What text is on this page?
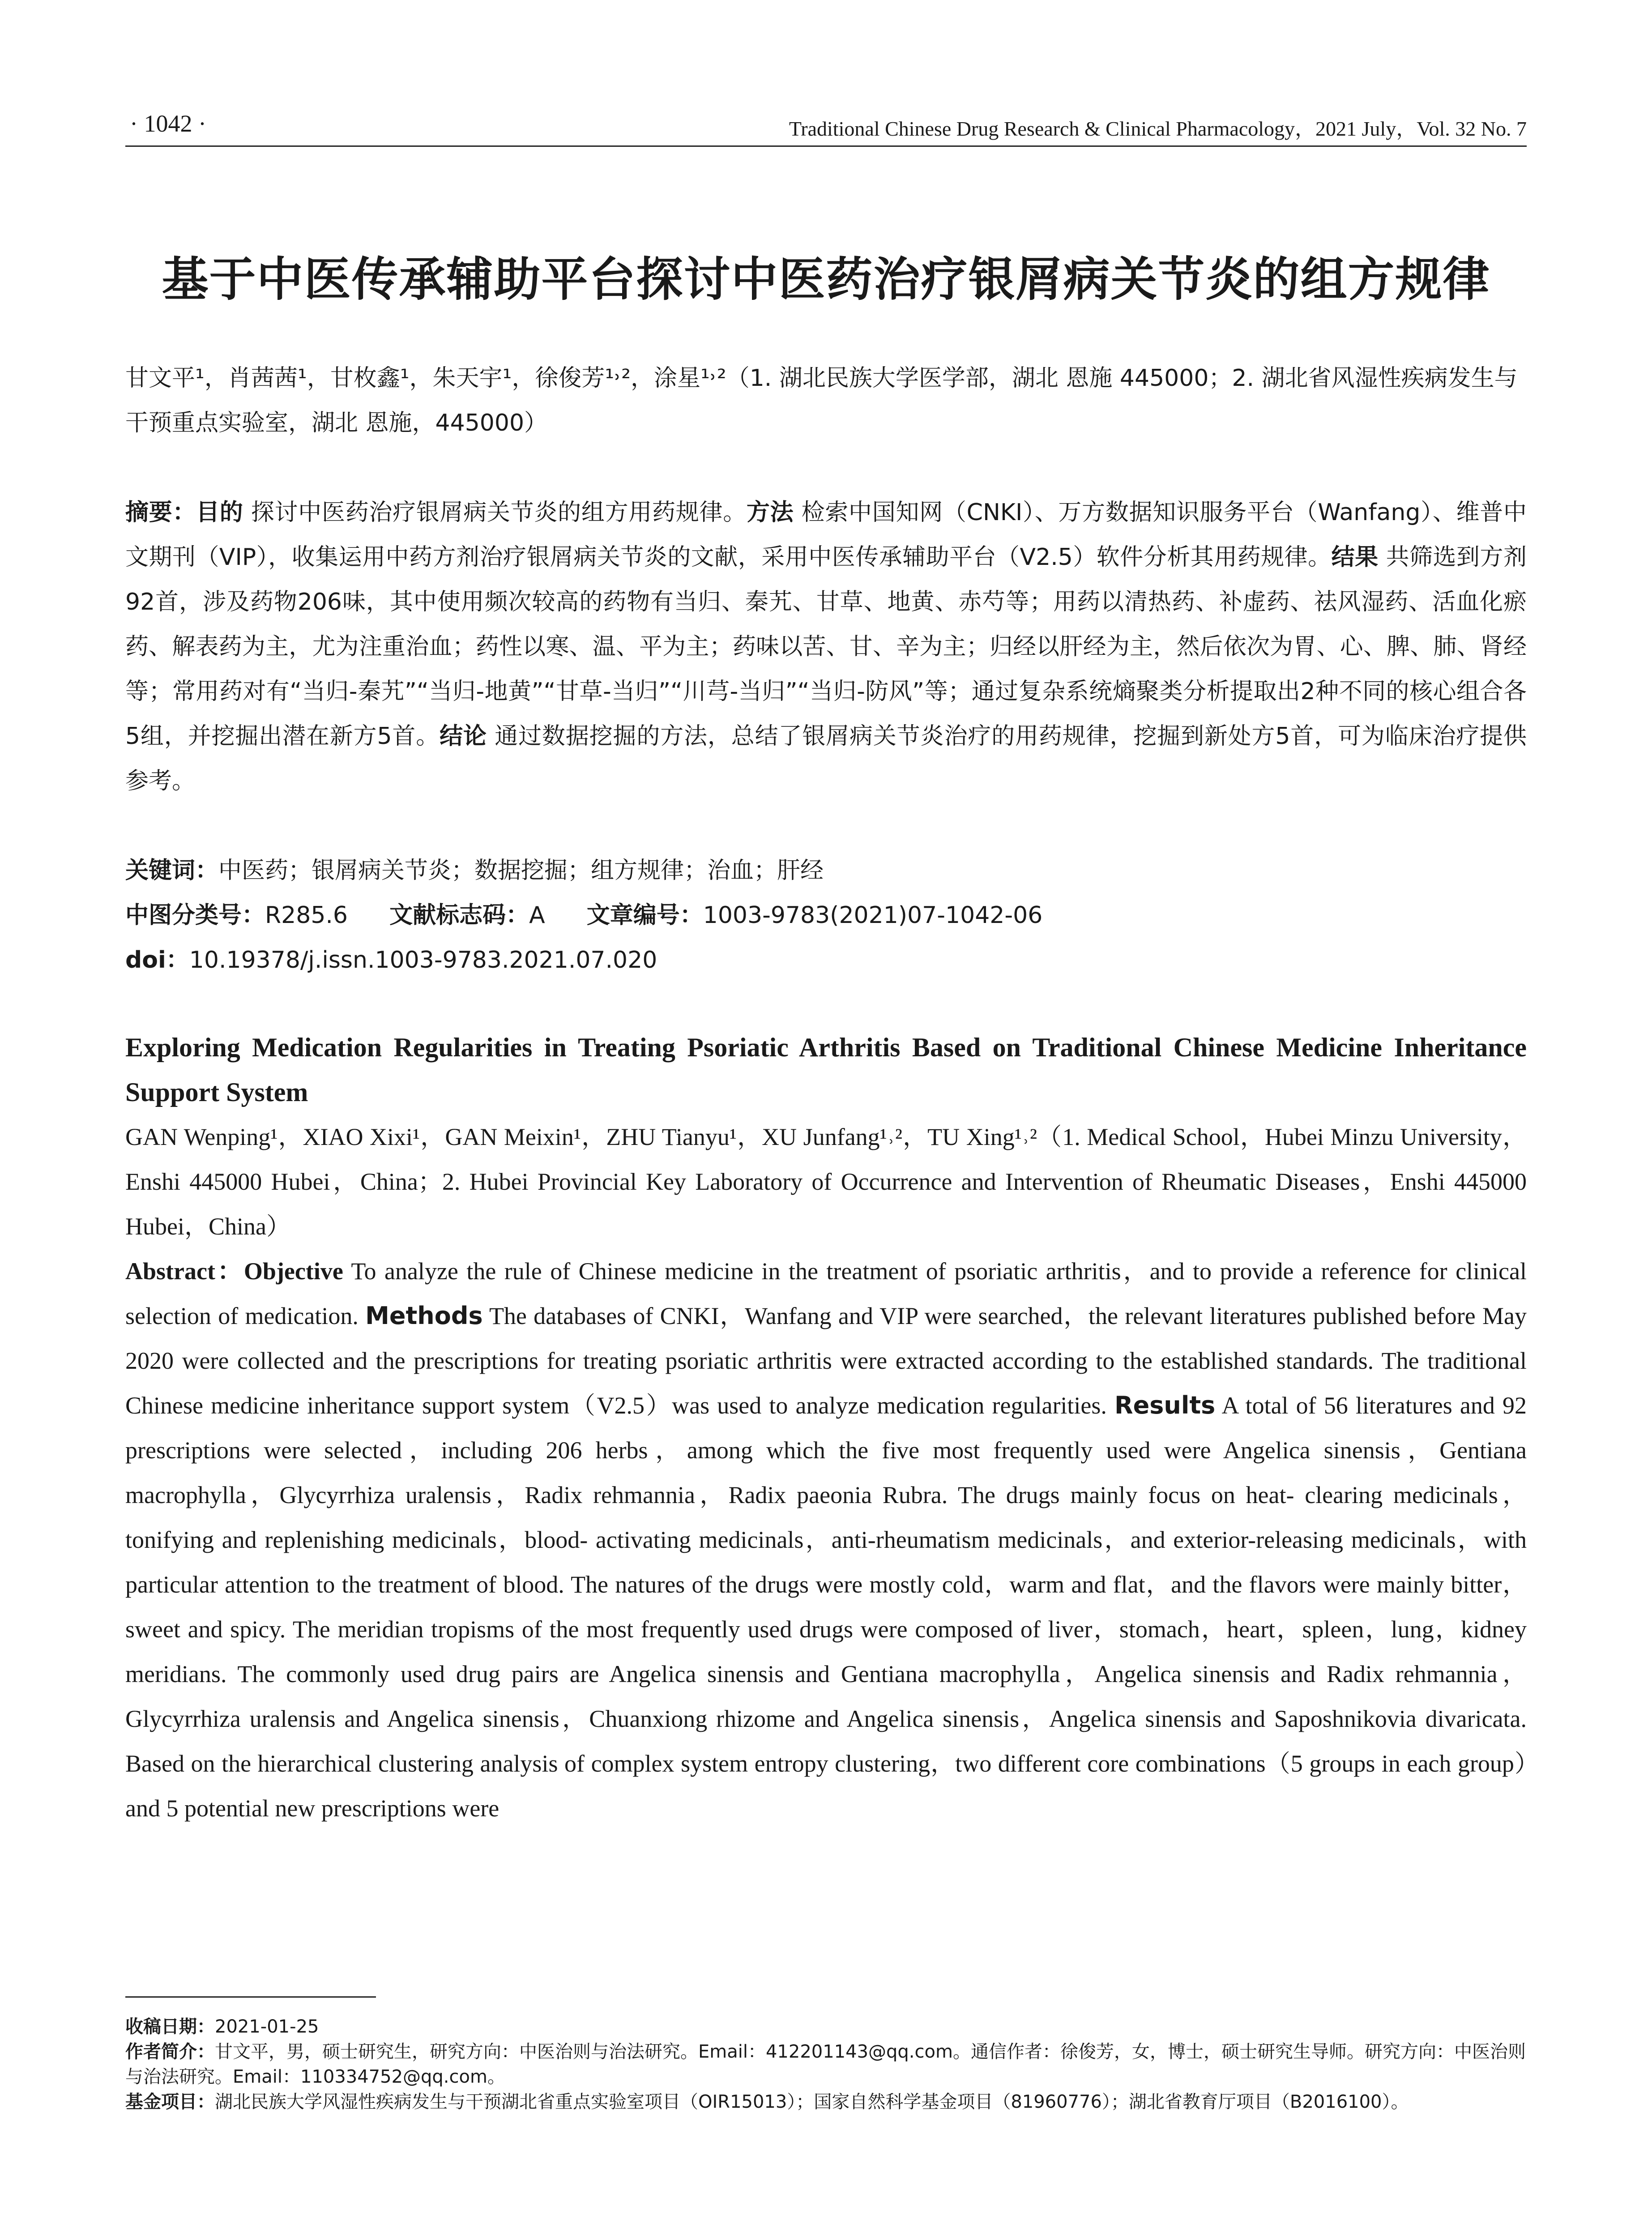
· 1042 ·	Traditional Chinese Drug Research & Clinical Pharmacology，2021 July，Vol. 32 No. 7
基于中医传承辅助平台探讨中医药治疗银屑病关节炎的组方规律
甘文平¹，肖茜茜¹，甘枚鑫¹，朱天宇¹，徐俊芳¹˒²，涂星¹˒²（1. 湖北民族大学医学部，湖北 恩施 445000；2. 湖北省风湿性疾病发生与干预重点实验室，湖北 恩施，445000）
摘要：目的 探讨中医药治疗银屑病关节炎的组方用药规律。方法 检索中国知网（CNKI）、万方数据知识服务平台（Wanfang）、维普中文期刊（VIP），收集运用中药方剂治疗银屑病关节炎的文献，采用中医传承辅助平台（V2.5）软件分析其用药规律。结果 共筛选到方剂92首，涉及药物206味，其中使用频次较高的药物有当归、秦艽、甘草、地黄、赤芍等；用药以清热药、补虚药、祛风湿药、活血化瘀药、解表药为主，尤为注重治血；药性以寒、温、平为主；药味以苦、甘、辛为主；归经以肝经为主，然后依次为胃、心、脾、肺、肾经等；常用药对有“当归-秦艽”“当归-地黄”“甘草-当归”“川芎-当归”“当归-防风”等；通过复杂系统熵聚类分析提取出2种不同的核心组合各5组，并挖掘出潜在新方5首。结论 通过数据挖掘的方法，总结了银屑病关节炎治疗的用药规律，挖掘到新处方5首，可为临床治疗提供参考。
关键词：中医药；银屑病关节炎；数据挖掘；组方规律；治血；肝经
中图分类号：R285.6 文献标志码：A 文章编号：1003-9783(2021)07-1042-06
doi：10.19378/j.issn.1003-9783.2021.07.020
Exploring Medication Regularities in Treating Psoriatic Arthritis Based on Traditional Chinese Medicine Inheritance Support System
GAN Wenping¹，XIAO Xixi¹，GAN Meixin¹，ZHU Tianyu¹，XU Junfang¹˒²，TU Xing¹˒²（1. Medical School，Hubei Minzu University，Enshi 445000 Hubei，China；2. Hubei Provincial Key Laboratory of Occurrence and Intervention of Rheumatic Diseases，Enshi 445000 Hubei，China）
Abstract：Objective To analyze the rule of Chinese medicine in the treatment of psoriatic arthritis，and to provide a reference for clinical selection of medication. Methods The databases of CNKI，Wanfang and VIP were searched，the relevant literatures published before May 2020 were collected and the prescriptions for treating psoriatic arthritis were extracted according to the established standards. The traditional Chinese medicine inheritance support system（V2.5）was used to analyze medication regularities. Results A total of 56 literatures and 92 prescriptions were selected，including 206 herbs，among which the five most frequently used were Angelica sinensis，Gentiana macrophylla，Glycyrrhiza uralensis，Radix rehmannia，Radix paeonia Rubra. The drugs mainly focus on heat- clearing medicinals，tonifying and replenishing medicinals，blood- activating medicinals，anti-rheumatism medicinals，and exterior-releasing medicinals，with particular attention to the treatment of blood. The natures of the drugs were mostly cold，warm and flat，and the flavors were mainly bitter，sweet and spicy. The meridian tropisms of the most frequently used drugs were composed of liver，stomach，heart，spleen，lung，kidney meridians. The commonly used drug pairs are Angelica sinensis and Gentiana macrophylla，Angelica sinensis and Radix rehmannia，Glycyrrhiza uralensis and Angelica sinensis，Chuanxiong rhizome and Angelica sinensis，Angelica sinensis and Saposhnikovia divaricata. Based on the hierarchical clustering analysis of complex system entropy clustering，two different core combinations（5 groups in each group）and 5 potential new prescriptions were

收稿日期：2021-01-25

作者简介：甘文平，男，硕士研究生，研究方向：中医治则与治法研究。Email：412201143@qq.com。通信作者：徐俊芳，女，博士，硕士研究生导师。研究方向：中医治则与治法研究。Email：110334752@qq.com。

基金项目：湖北民族大学风湿性疾病发生与干预湖北省重点实验室项目（OIR15013）；国家自然科学基金项目（81960776）；湖北省教育厅项目（B2016100）。
